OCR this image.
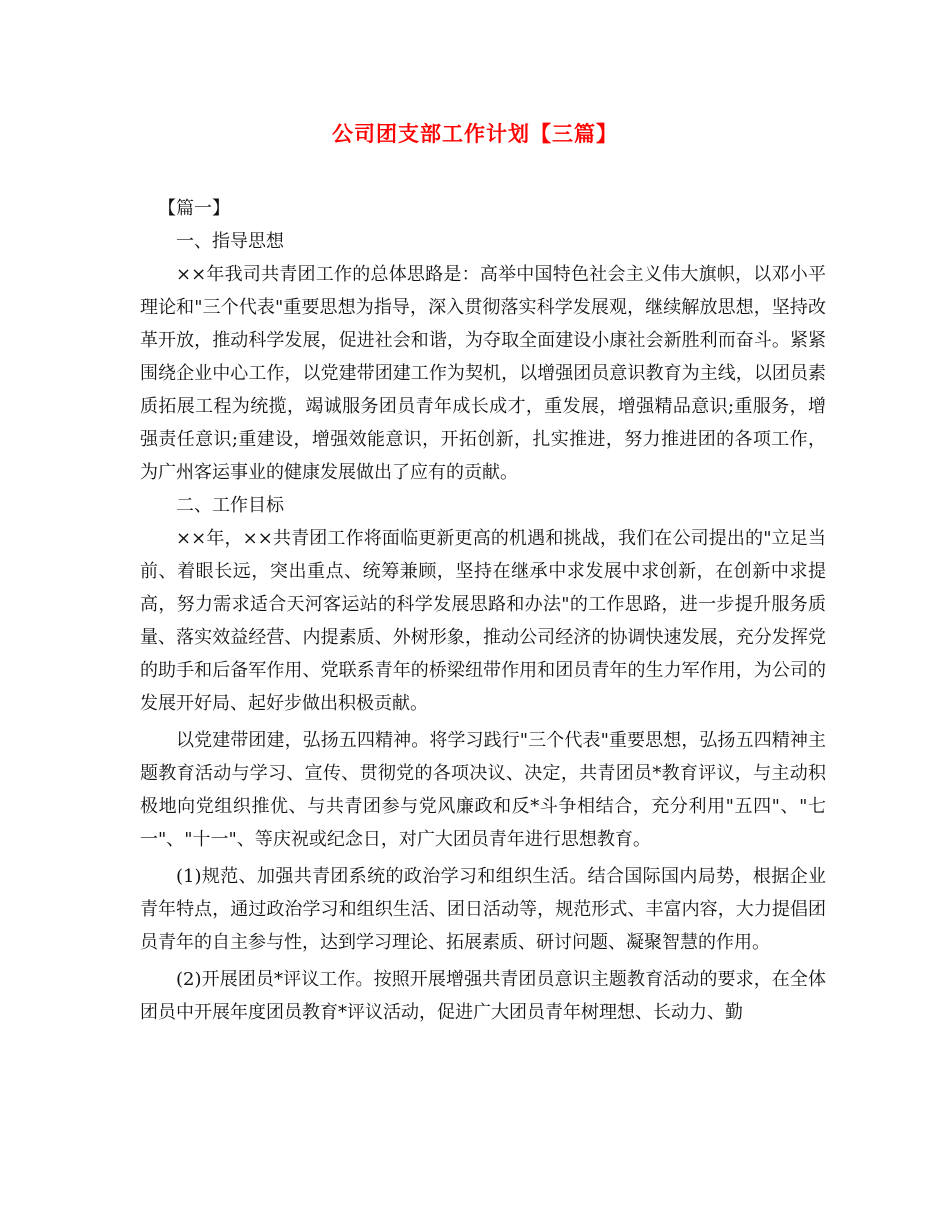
公司团支部工作计划【三篇】

【篇一】

一、指导思想

××年我司共青团工作的总体思路是：高举中国特色社会主义伟大旗帜，以邓小平理论和"三个代表"重要思想为指导，深入贯彻落实科学发展观，继续解放思想，坚持改革开放，推动科学发展，促进社会和谐，为夺取全面建设小康社会新胜利而奋斗。紧紧围绕企业中心工作，以党建带团建工作为契机，以增强团员意识教育为主线，以团员素质拓展工程为统揽，竭诚服务团员青年成长成才，重发展，增强精品意识;重服务，增强责任意识;重建设，增强效能意识，开拓创新，扎实推进，努力推进团的各项工作，为广州客运事业的健康发展做出了应有的贡献。

二、工作目标

××年，××共青团工作将面临更新更高的机遇和挑战，我们在公司提出的"立足当前、着眼长远，突出重点、统筹兼顾，坚持在继承中求发展中求创新，在创新中求提高，努力需求适合天河客运站的科学发展思路和办法"的工作思路，进一步提升服务质量、落实效益经营、内提素质、外树形象，推动公司经济的协调快速发展，充分发挥党的助手和后备军作用、党联系青年的桥梁纽带作用和团员青年的生力军作用，为公司的发展开好局、起好步做出积极贡献。

以党建带团建，弘扬五四精神。将学习践行"三个代表"重要思想，弘扬五四精神主题教育活动与学习、宣传、贯彻党的各项决议、决定，共青团员*教育评议，与主动积极地向党组织推优、与共青团参与党风廉政和反*斗争相结合，充分利用"五四"、"七一"、"十一"、等庆祝或纪念日，对广大团员青年进行思想教育。

(1)规范、加强共青团系统的政治学习和组织生活。结合国际国内局势，根据企业青年特点，通过政治学习和组织生活、团日活动等，规范形式、丰富内容，大力提倡团员青年的自主参与性，达到学习理论、拓展素质、研讨问题、凝聚智慧的作用。

(2)开展团员*评议工作。按照开展增强共青团员意识主题教育活动的要求，在全体团员中开展年度团员教育*评议活动，促进广大团员青年树理想、长动力、勤
